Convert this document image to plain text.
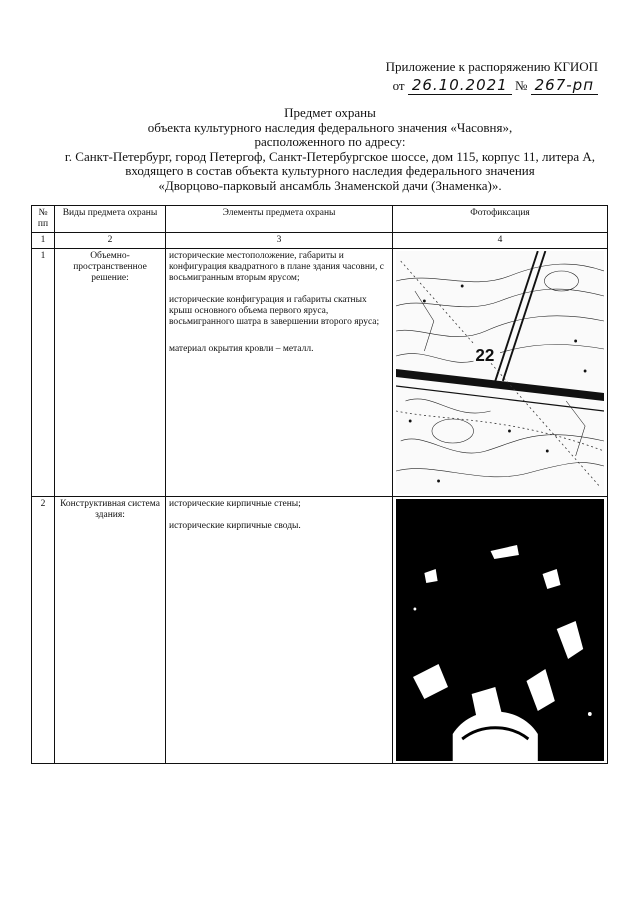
Приложение к распоряжению КГИОП
от 26.10.2021 № 267-рп
Предмет охраны
объекта культурного наследия федерального значения «Часовня»,
расположенного по адресу:
г. Санкт-Петербург, город Петергоф, Санкт-Петербургское шоссе, дом 115, корпус 11, литера А,
входящего в состав объекта культурного наследия федерального значения
«Дворцово-парковый ансамбль Знаменской дачи (Знаменка)».
№ пп	Виды предмета охраны	Элементы предмета охраны	Фотофиксация
1	2	3	4
1	Объемно-пространственное решение:	исторические местоположение, габариты и конфигурация квадратного в плане здания часовни, с восьмигранным вторым ярусом;

исторические конфигурация и габариты скатных крыш основного объема первого яруса, восьмигранного шатра в завершении второго яруса;

материал окрытия кровли – металл.	22

2	Конструктивная система здания:	исторические кирпичные стены;

исторические кирпичные своды.
